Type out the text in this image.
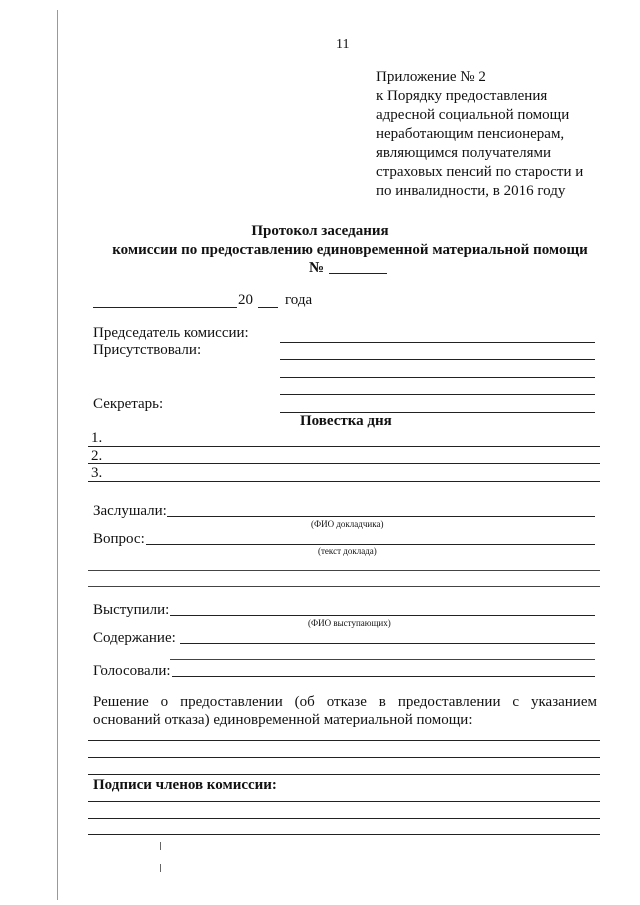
11
Приложение № 2
к Порядку предоставления
адресной социальной помощи
неработающим пенсионерам,
являющимся получателями
страховых пенсий по старости и
по инвалидности, в 2016 году
Протокол заседания
комиссии по предоставлению единовременной материальной помощи
№
20 года
Председатель комиссии:
Присутствовали:
Секретарь:
Повестка дня
1.
2.
3.
Заслушали:
(ФИО докладчика)
Вопрос:
(текст доклада)
Выступили:
(ФИО выступающих)
Содержание:
Голосовали:
Решение о предоставлении (об отказе в предоставлении с указанием
оснований отказа) единовременной материальной помощи:
Подписи членов комиссии:
